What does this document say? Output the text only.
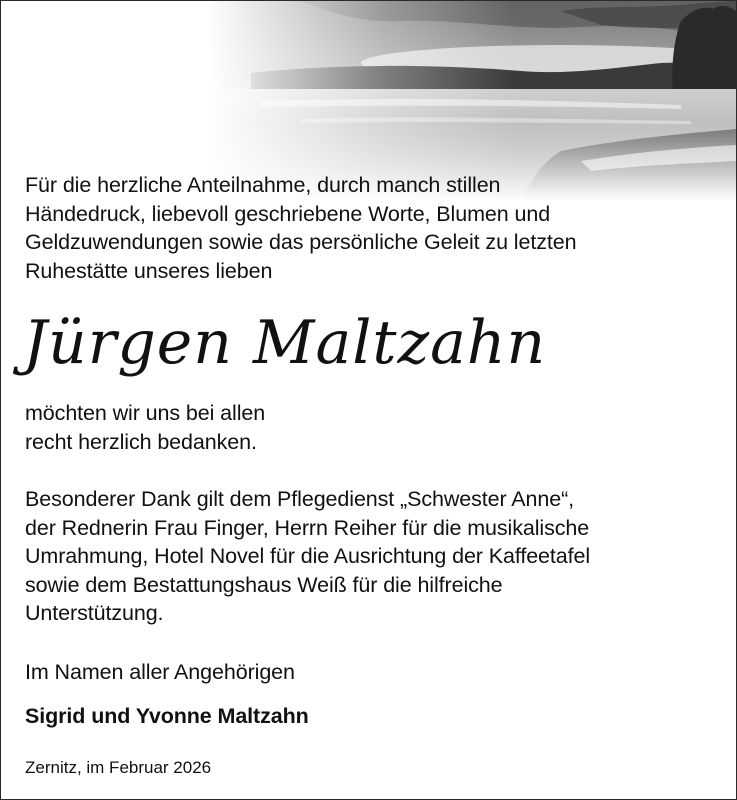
Für die herzliche Anteilnahme, durch manch stillen
Händedruck, liebevoll geschriebene Worte, Blumen und
Geldzuwendungen sowie das persönliche Geleit zu letzten
Ruhestätte unseres lieben
Jürgen Maltzahn
möchten wir uns bei allen
recht herzlich bedanken.
Besonderer Dank gilt dem Pflegedienst „Schwester Anne“,
der Rednerin Frau Finger, Herrn Reiher für die musikalische
Umrahmung, Hotel Novel für die Ausrichtung der Kaffeetafel
sowie dem Bestattungshaus Weiß für die hilfreiche
Unterstützung.
Im Namen aller Angehörigen
Sigrid und Yvonne Maltzahn
Zernitz, im Februar 2026
